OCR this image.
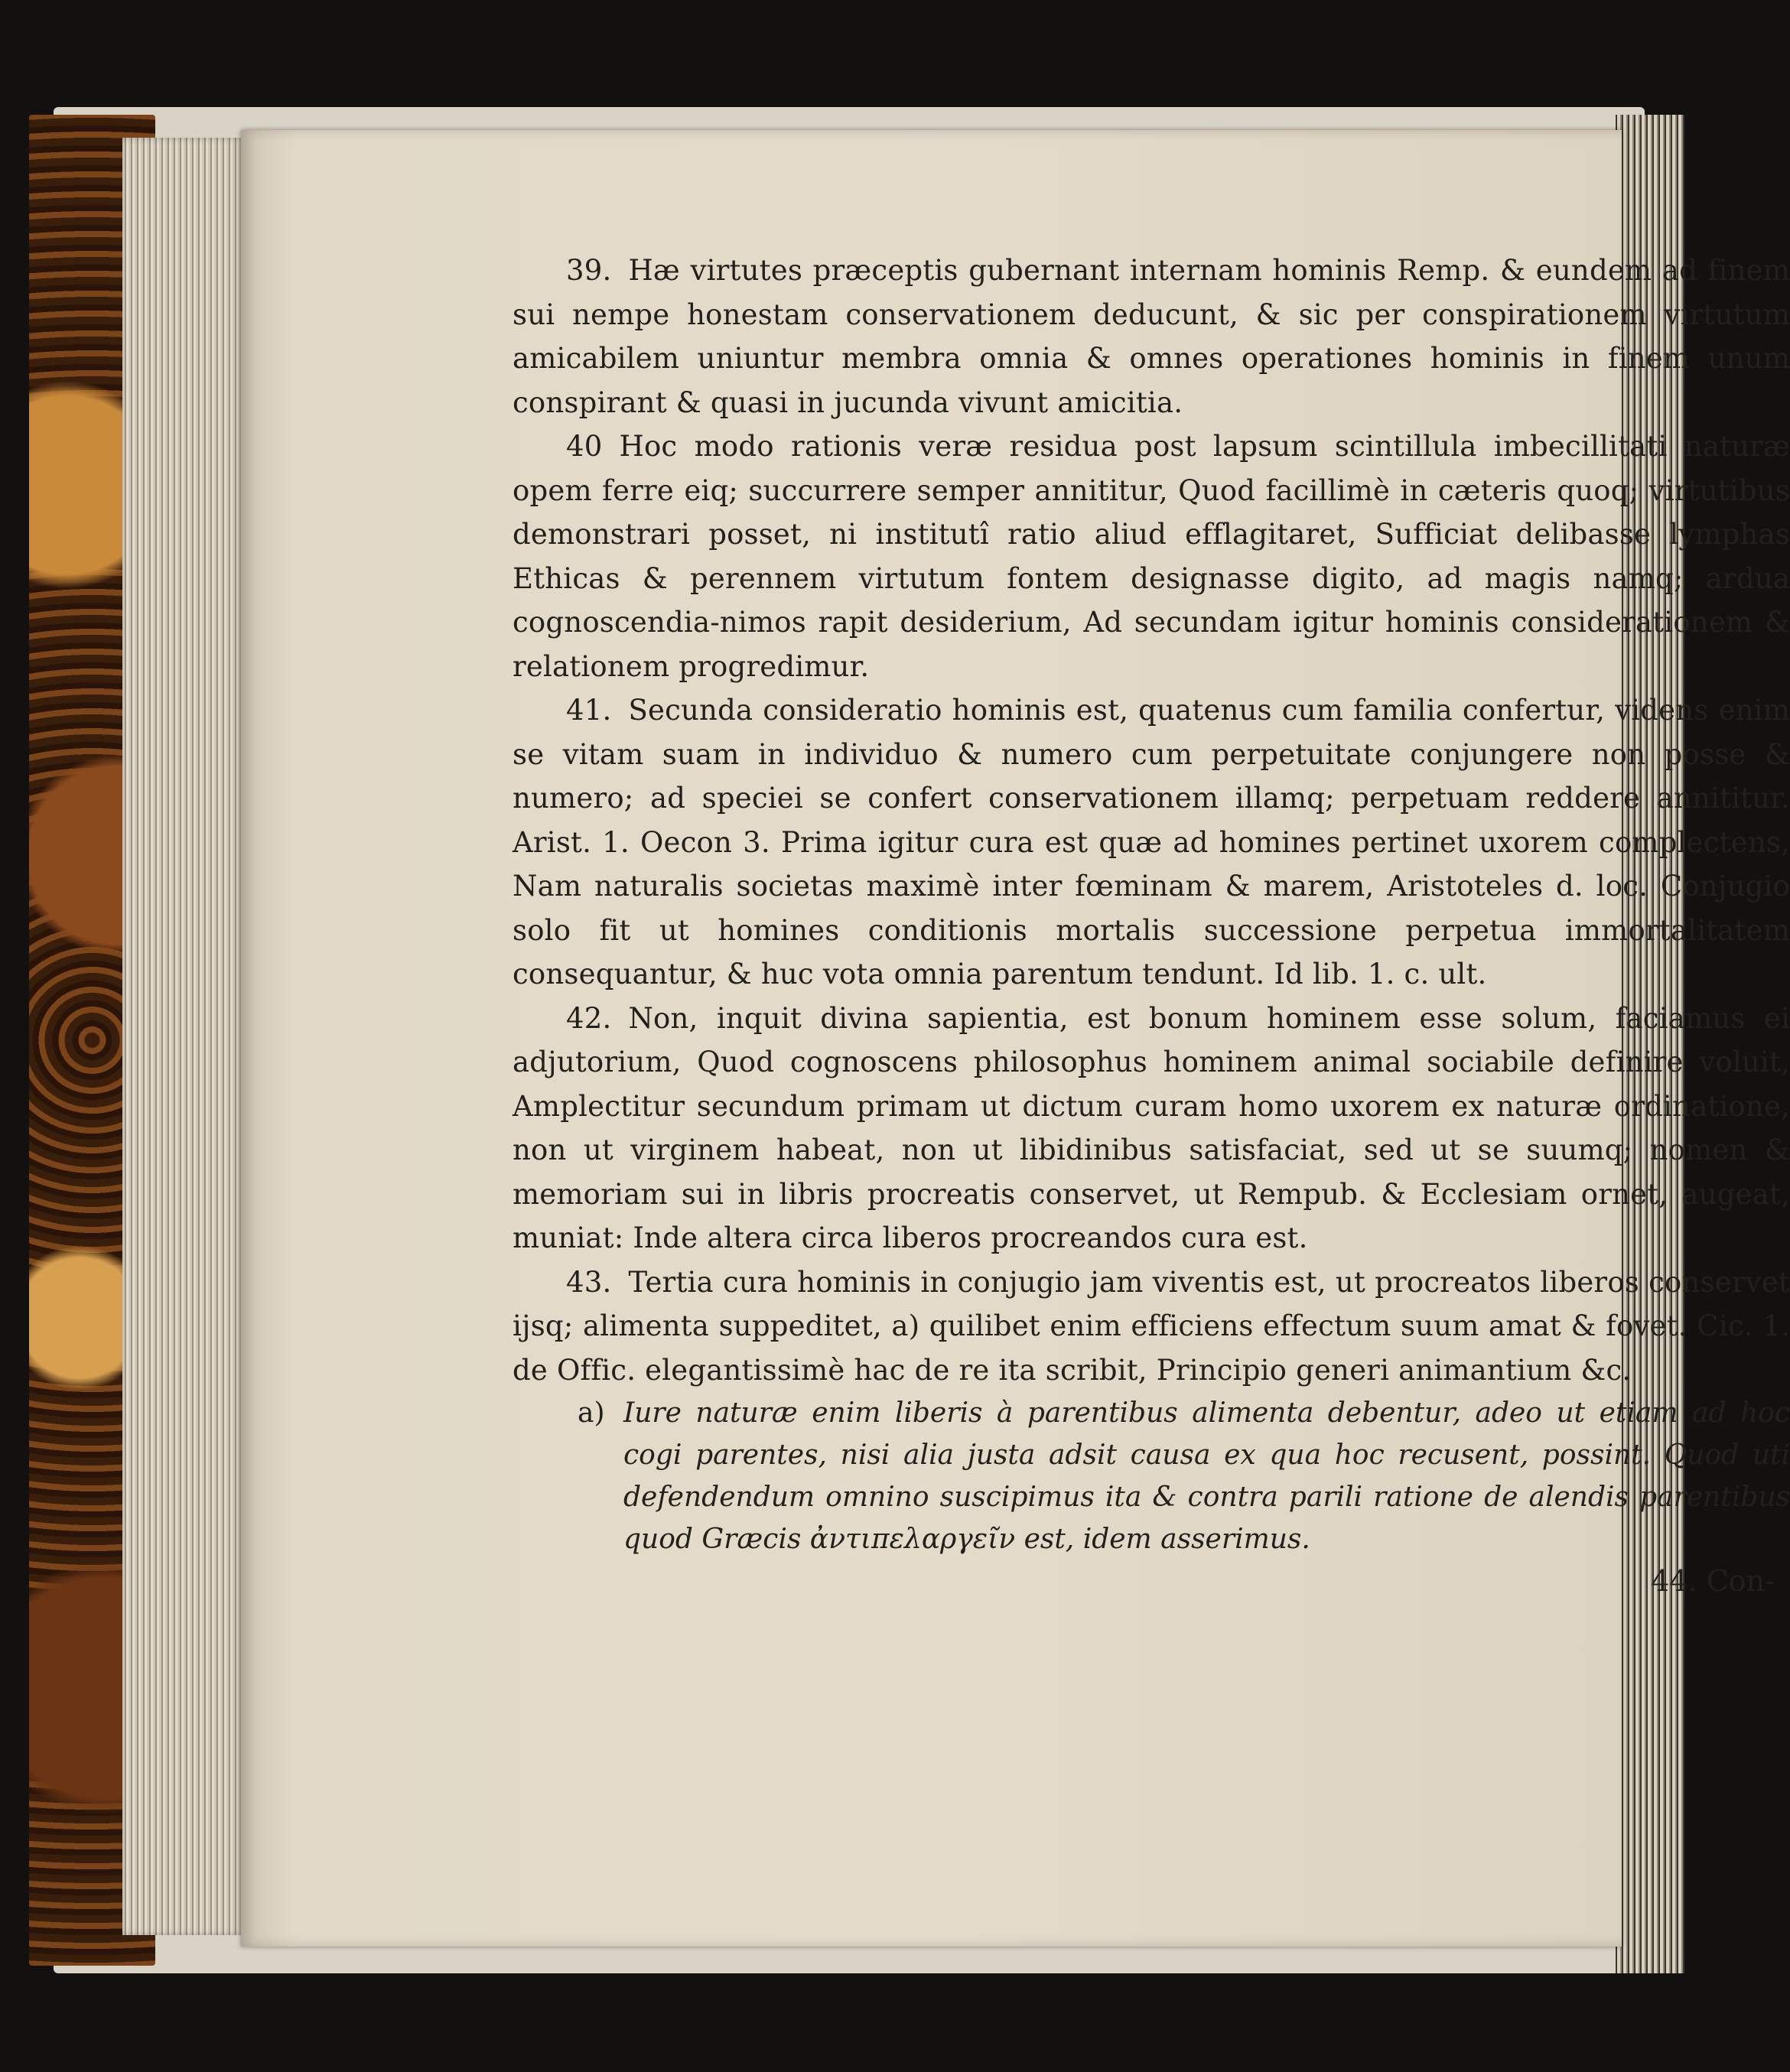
39. Hæ virtutes præceptis gubernant internam hominis Remp. & eundem ad finem sui nempe honestam conservationem deducunt, & sic per conspirationem virtutum amicabilem uniuntur membra omnia & omnes operationes hominis in finem unum conspirant & quasi in jucunda vivunt amicitia.

40 Hoc modo rationis veræ residua post lapsum scintillula imbecillitati naturæ opem ferre eiq; succurrere semper annititur, Quod facillimè in cæteris quoq; virtutibus demonstrari posset, ni institutî ratio aliud efflagitaret, Sufficiat delibasse lymphas Ethicas & perennem virtutum fontem designasse digito, ad magis namq; ardua cognoscendia-nimos rapit desiderium, Ad secundam igitur hominis considerationem & relationem progredimur.

41. Secunda consideratio hominis est, quatenus cum familia confertur, videns enim se vitam suam in individuo & numero cum perpetuitate conjungere non posse & numero; ad speciei se confert conservationem illamq; perpetuam reddere annititur. Arist. 1. Oecon 3. Prima igitur cura est quæ ad homines pertinet uxorem complectens, Nam naturalis societas maximè inter fœminam & marem, Aristoteles d. loc. Conjugio solo fit ut homines conditionis mortalis successione perpetua immortalitatem consequantur, & huc vota omnia parentum tendunt. Id lib. 1. c. ult.

42. Non, inquit divina sapientia, est bonum hominem esse solum, faciamus ei adjutorium, Quod cognoscens philosophus hominem animal sociabile definire voluit, Amplectitur secundum primam ut dictum curam homo uxorem ex naturæ ordinatione, non ut virginem habeat, non ut libidinibus satisfaciat, sed ut se suumq; nomen & memoriam sui in libris procreatis conservet, ut Rempub. & Ecclesiam ornet, augeat, muniat: Inde altera circa liberos procreandos cura est.

43. Tertia cura hominis in conjugio jam viventis est, ut procreatos liberos conservet ijsq; alimenta suppeditet, a) quilibet enim efficiens effectum suum amat & fovet. Cic. 1. de Offic. elegantissimè hac de re ita scribit, Principio generi animantium &c.

a) Iure naturæ enim liberis à parentibus alimenta debentur, adeo ut etiam ad hoc cogi parentes, nisi alia justa adsit causa ex qua hoc recusent, possint. Quod uti defendendum omnino suscipimus ita & contra parili ratione de alendis parentibus quod Græcis ἀντιπελαργεῖν est, idem asserimus.
44. Con-
